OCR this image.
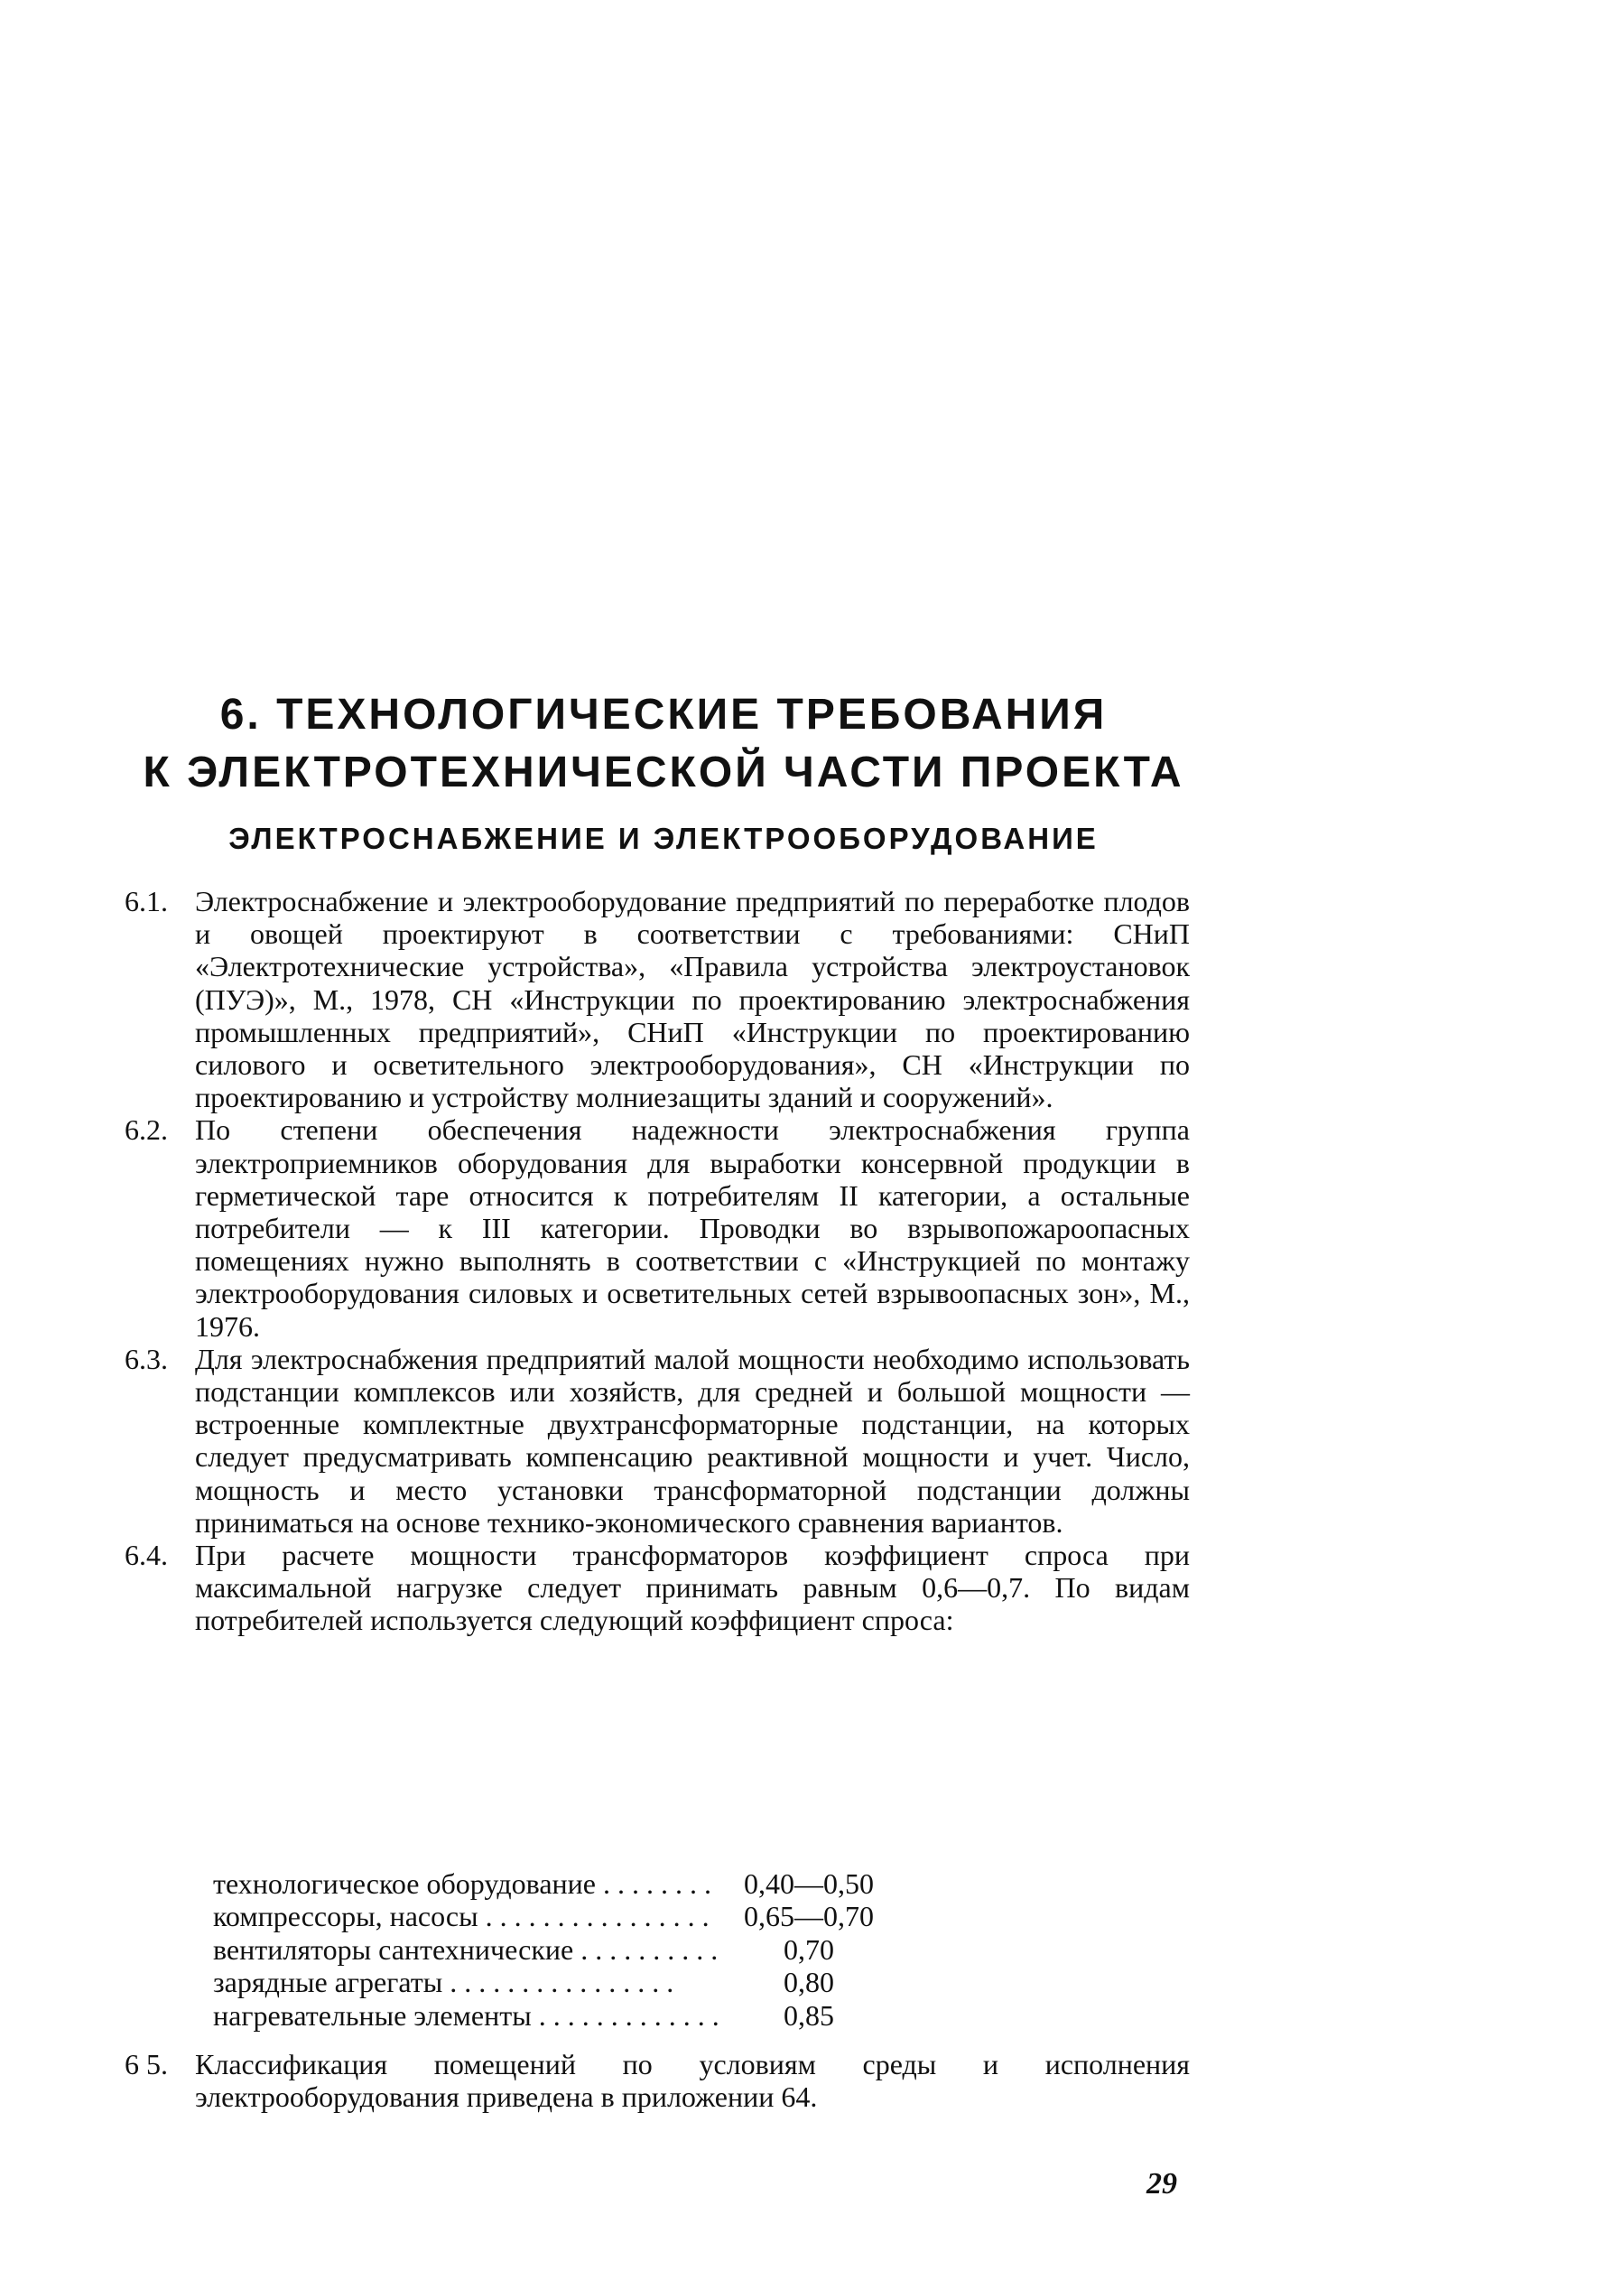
6. ТЕХНОЛОГИЧЕСКИЕ ТРЕБОВАНИЯ
К ЭЛЕКТРОТЕХНИЧЕСКОЙ ЧАСТИ ПРОЕКТА
ЭЛЕКТРОСНАБЖЕНИЕ И ЭЛЕКТРООБОРУДОВАНИЕ
6.1. Электроснабжение и электрооборудование предприятий по переработке плодов и овощей проектируют в соответствии с требованиями: СНиП «Электротехнические устройства», «Правила устройства электроустановок (ПУЭ)», М., 1978, СН «Инструкции по проектированию электроснабжения промышленных предприятий», СНиП «Инструкции по проектированию силового и осветительного электрооборудования», СН «Инструкции по проектированию и устройству молниезащиты зданий и сооружений».
6.2. По степени обеспечения надежности электроснабжения группа электроприемников оборудования для выработки консервной продукции в герметической таре относится к потребителям II категории, а остальные потребители — к III категории. Проводки во взрывопожароопасных помещениях нужно выполнять в соответствии с «Инструкцией по монтажу электрооборудования силовых и осветительных сетей взрывоопасных зон», М., 1976.
6.3. Для электроснабжения предприятий малой мощности необходимо использовать подстанции комплексов или хозяйств, для средней и большой мощности — встроенные комплектные двухтрансформаторные подстанции, на которых следует предусматривать компенсацию реактивной мощности и учет. Число, мощность и место установки трансформаторной подстанции должны приниматься на основе технико-экономического сравнения вариантов.
6.4. При расчете мощности трансформаторов коэффициент спроса при максимальной нагрузке следует принимать равным 0,6—0,7. По видам потребителей используется следующий коэффициент спроса:
технологическое оборудование . . .	0,40—0,50
компрессоры, насосы . . .	0,65—0,70
вентиляторы сантехнические . . .	0,70
зарядные агрегаты . . .	0,80
нагревательные элементы . . .	0,85
6 5. Классификация помещений по условиям среды и исполнения электрооборудования приведена в приложении 64.
29
